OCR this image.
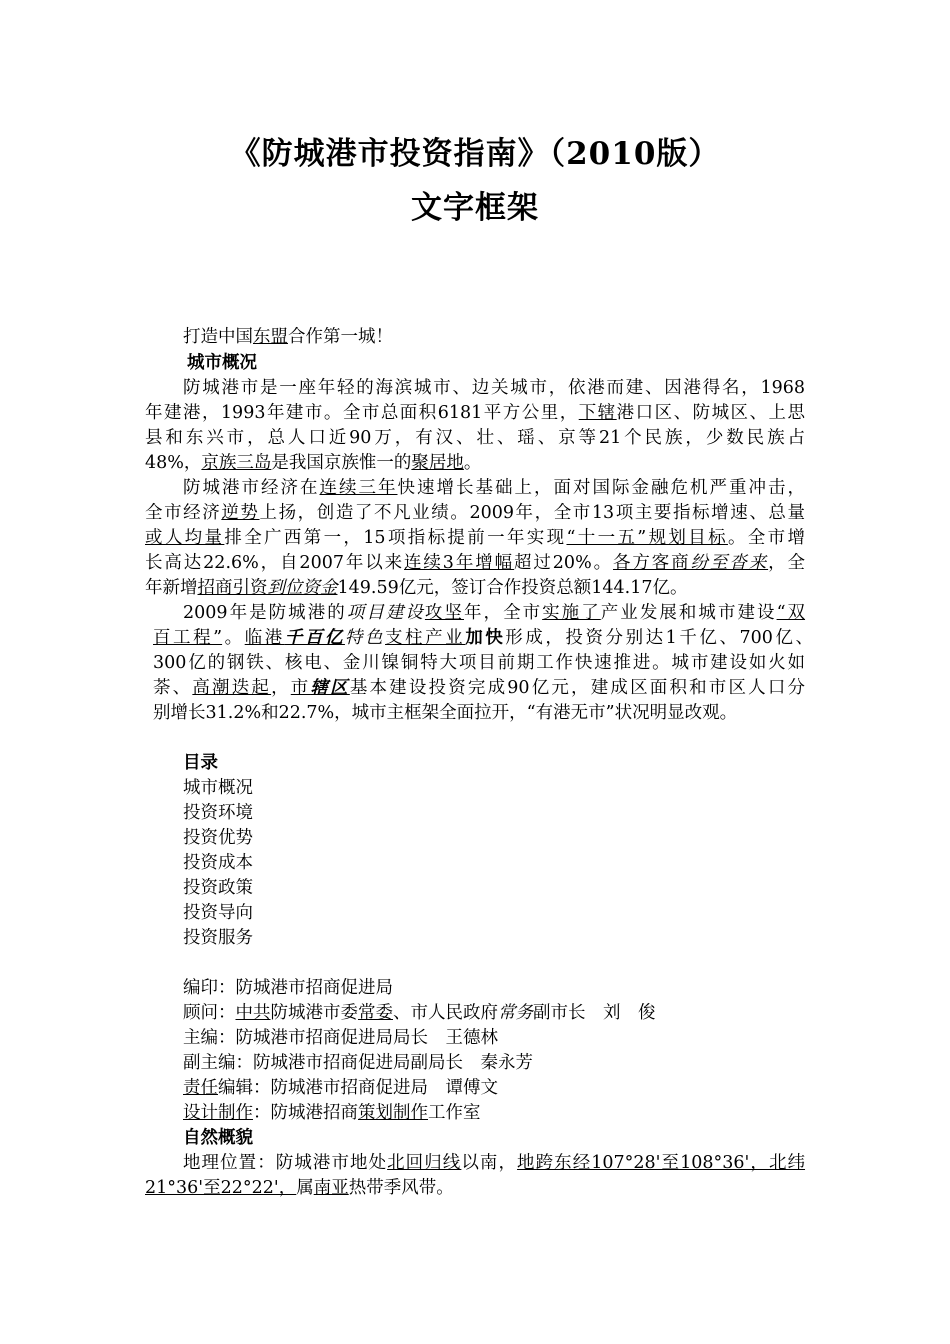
《防城港市投资指南》（2010版）
文字框架
打造中国东盟合作第一城！
城市概况
防城港市是一座年轻的海滨城市、边关城市，依港而建、因港得名，1968
年建港，1993年建市。全市总面积6181平方公里，下辖港口区、防城区、上思
县和东兴市，总人口近90万，有汉、壮、瑶、京等21个民族，少数民族占
48%，京族三岛是我国京族惟一的聚居地。
防城港市经济在连续三年快速增长基础上，面对国际金融危机严重冲击，
全市经济逆势上扬，创造了不凡业绩。2009年，全市13项主要指标增速、总量
或人均量排全广西第一，15项指标提前一年实现“十一五”规划目标。全市增
长高达22.6%，自2007年以来连续3年增幅超过20%。各方客商纷至沓来，全
年新增招商引资到位资金149.59亿元，签订合作投资总额144.17亿。
2009年是防城港的项目建设攻坚年，全市实施了产业发展和城市建设“双
百工程”。临港千百亿特色支柱产业加快形成，投资分别达1千亿、700亿、
300亿的钢铁、核电、金川镍铜特大项目前期工作快速推进。城市建设如火如
荼、高潮迭起，市辖区基本建设投资完成90亿元，建成区面积和市区人口分
别增长31.2%和22.7%，城市主框架全面拉开，“有港无市”状况明显改观。
目录
城市概况
投资环境
投资优势
投资成本
投资政策
投资导向
投资服务
编印：防城港市招商促进局
顾问：中共防城港市委常委、市人民政府常务副市长　刘　俊
主编：防城港市招商促进局局长　王德林
副主编：防城港市招商促进局副局长　秦永芳
责任编辑：防城港市招商促进局　谭傅文
设计制作：防城港招商策划制作工作室
自然概貌
地理位置：防城港市地处北回归线以南，地跨东经107°28'至108°36'，北纬
21°36'至22°22'，属南亚热带季风带。
